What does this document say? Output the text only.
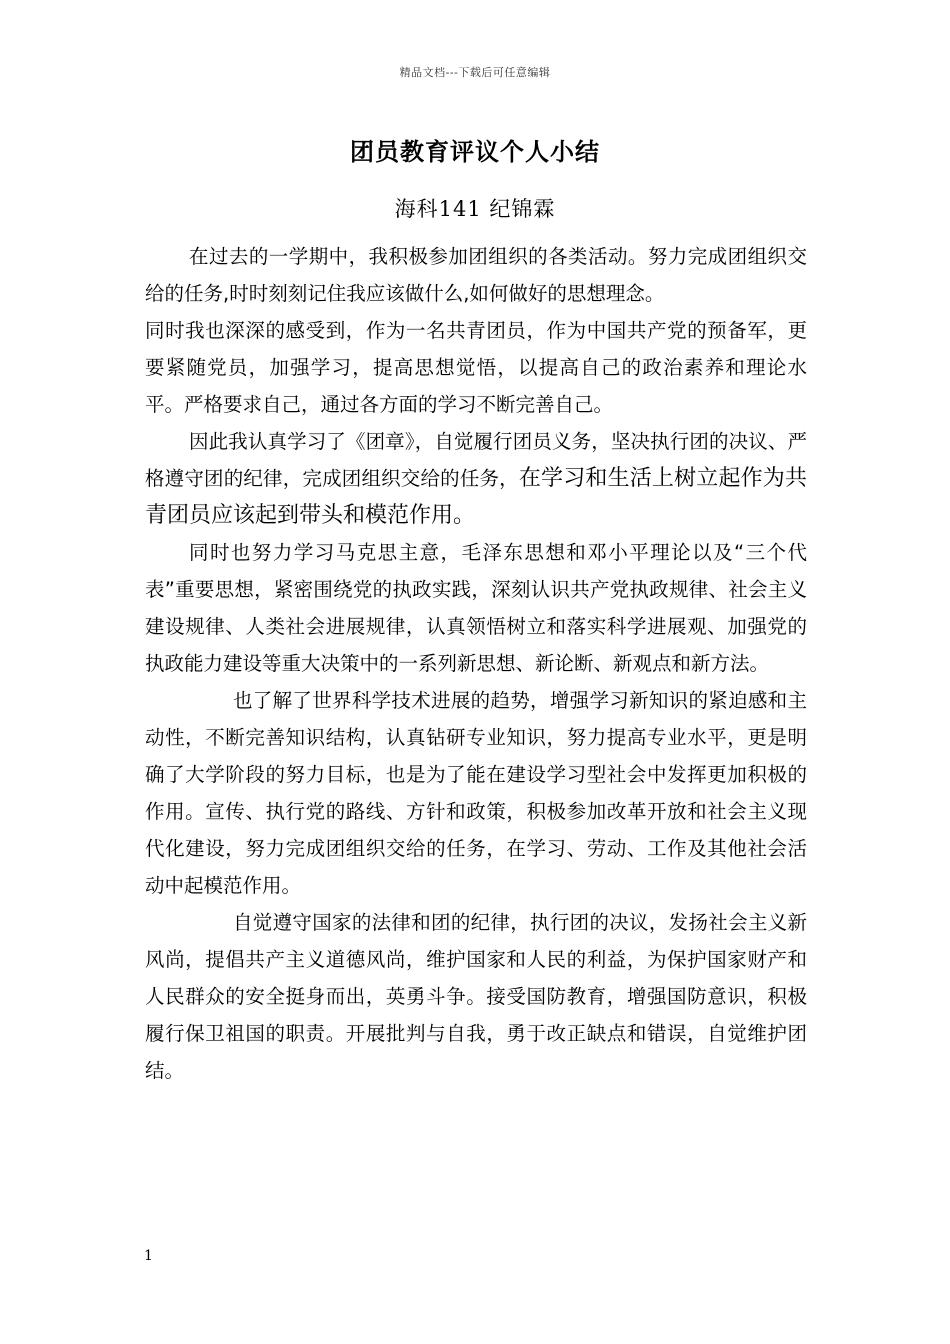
精品文档---下载后可任意编辑
团员教育评议个人小结
海科141 纪锦霖

在过去的一学期中，我积极参加团组织的各类活动。努力完成团组织交给的任务,时时刻刻记住我应该做什么,如何做好的思想理念。

同时我也深深的感受到，作为一名共青团员，作为中国共产党的预备军，更要紧随党员，加强学习，提高思想觉悟，以提高自己的政治素养和理论水平。严格要求自己，通过各方面的学习不断完善自己。

因此我认真学习了《团章》，自觉履行团员义务，坚决执行团的决议、严格遵守团的纪律，完成团组织交给的任务，在学习和生活上树立起作为共青团员应该起到带头和模范作用。

同时也努力学习马克思主意，毛泽东思想和邓小平理论以及“三个代表”重要思想，紧密围绕党的执政实践，深刻认识共产党执政规律、社会主义建设规律、人类社会进展规律，认真领悟树立和落实科学进展观、加强党的执政能力建设等重大决策中的一系列新思想、新论断、新观点和新方法。

也了解了世界科学技术进展的趋势，增强学习新知识的紧迫感和主动性，不断完善知识结构，认真钻研专业知识，努力提高专业水平，更是明确了大学阶段的努力目标，也是为了能在建设学习型社会中发挥更加积极的作用。宣传、执行党的路线、方针和政策，积极参加改革开放和社会主义现代化建设，努力完成团组织交给的任务，在学习、劳动、工作及其他社会活动中起模范作用。

自觉遵守国家的法律和团的纪律，执行团的决议，发扬社会主义新风尚，提倡共产主义道德风尚，维护国家和人民的利益，为保护国家财产和人民群众的安全挺身而出，英勇斗争。接受国防教育，增强国防意识，积极履行保卫祖国的职责。开展批判与自我，勇于改正缺点和错误，自觉维护团结。

1
